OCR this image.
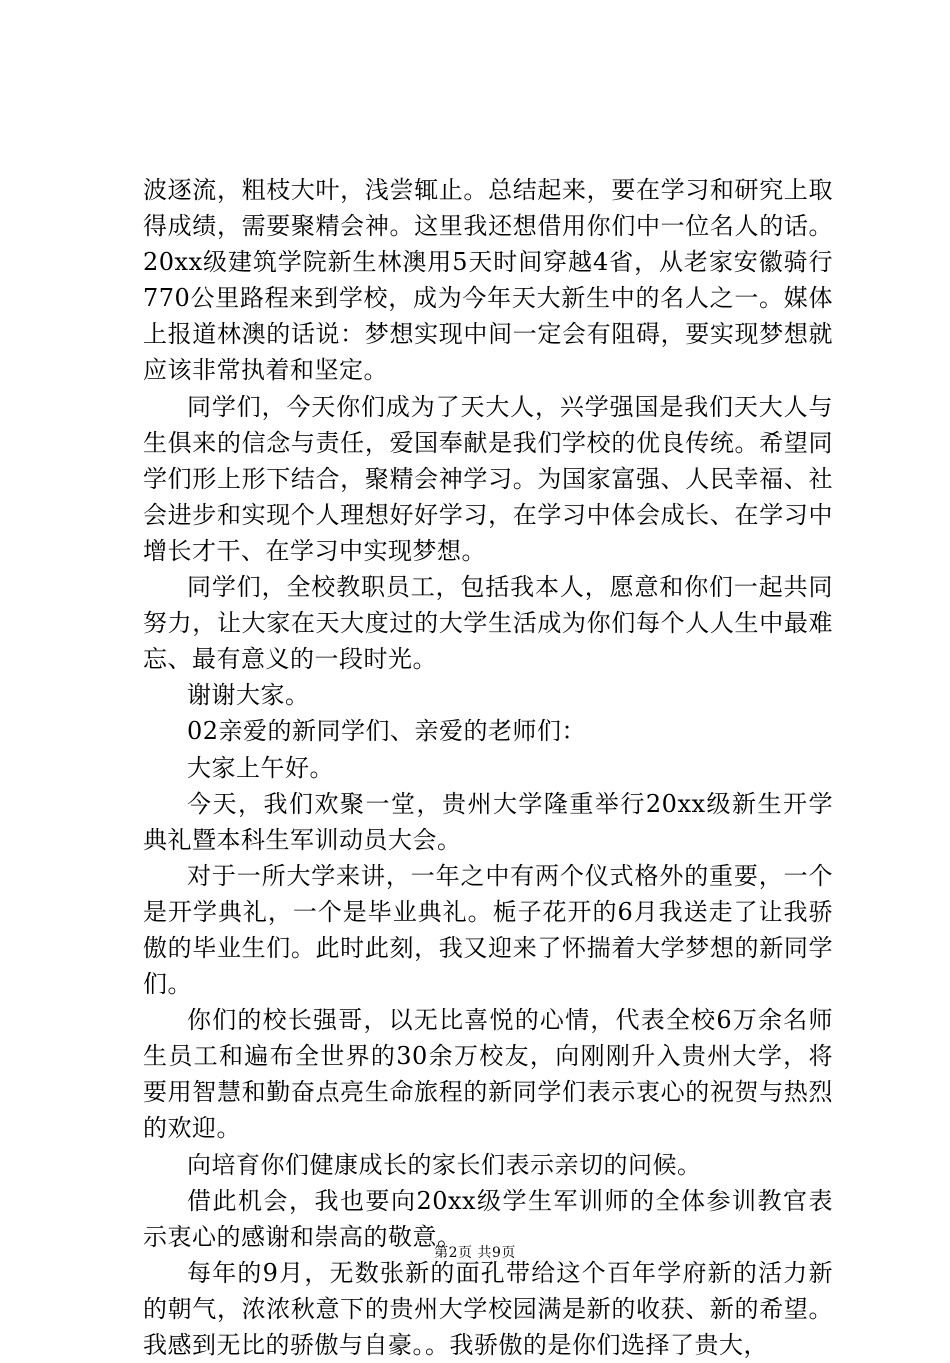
波逐流，粗枝大叶，浅尝辄止。总结起来，要在学习和研究上取得成绩，需要聚精会神。这里我还想借用你们中一位名人的话。20xx级建筑学院新生林澳用5天时间穿越4省，从老家安徽骑行770公里路程来到学校，成为今年天大新生中的名人之一。媒体上报道林澳的话说：梦想实现中间一定会有阻碍，要实现梦想就应该非常执着和坚定。

同学们，今天你们成为了天大人，兴学强国是我们天大人与生俱来的信念与责任，爱国奉献是我们学校的优良传统。希望同学们形上形下结合，聚精会神学习。为国家富强、人民幸福、社会进步和实现个人理想好好学习，在学习中体会成长、在学习中增长才干、在学习中实现梦想。

同学们，全校教职员工，包括我本人，愿意和你们一起共同努力，让大家在天大度过的大学生活成为你们每个人人生中最难忘、最有意义的一段时光。

谢谢大家。

02亲爱的新同学们、亲爱的老师们：

大家上午好。

今天，我们欢聚一堂，贵州大学隆重举行20xx级新生开学典礼暨本科生军训动员大会。

对于一所大学来讲，一年之中有两个仪式格外的重要，一个是开学典礼，一个是毕业典礼。栀子花开的6月我送走了让我骄傲的毕业生们。此时此刻，我又迎来了怀揣着大学梦想的新同学们。

你们的校长强哥，以无比喜悦的心情，代表全校6万余名师生员工和遍布全世界的30余万校友，向刚刚升入贵州大学，将要用智慧和勤奋点亮生命旅程的新同学们表示衷心的祝贺与热烈的欢迎。

向培育你们健康成长的家长们表示亲切的问候。

借此机会，我也要向20xx级学生军训师的全体参训教官表示衷心的感谢和崇高的敬意。

每年的9月，无数张新的面孔带给这个百年学府新的活力新的朝气，浓浓秋意下的贵州大学校园满是新的收获、新的希望。我感到无比的骄傲与自豪。。我骄傲的是你们选择了贵大，

第2页 共9页
